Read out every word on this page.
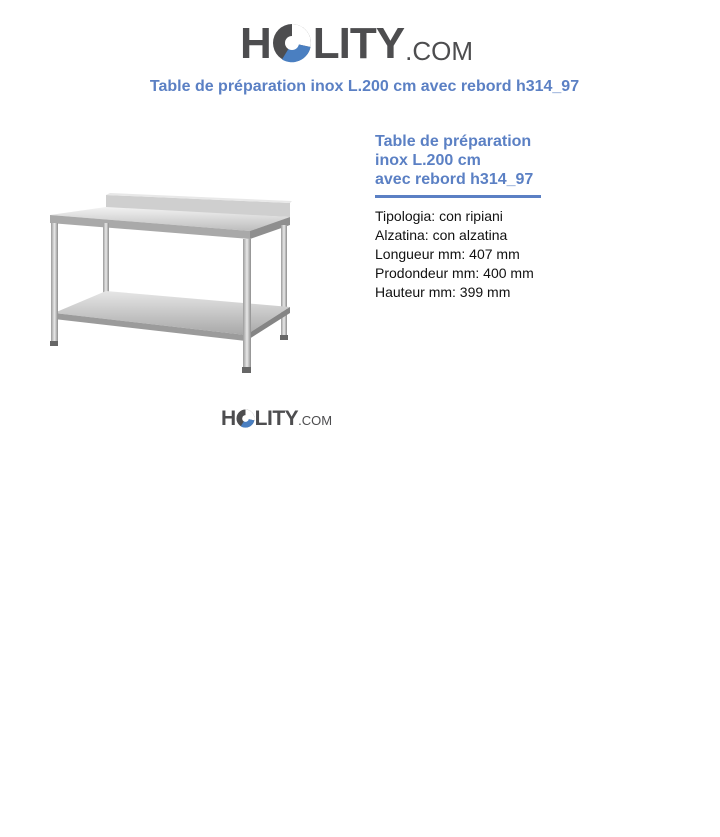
H LITY .COM
Table de préparation inox L.200 cm avec rebord h314_97
H LITY .COM
Table de préparation
inox L.200 cm
avec rebord h314_97
Tipologia: con ripiani
Alzatina: con alzatina
Longueur mm: 407 mm
Prodondeur mm: 400 mm
Hauteur mm: 399 mm
